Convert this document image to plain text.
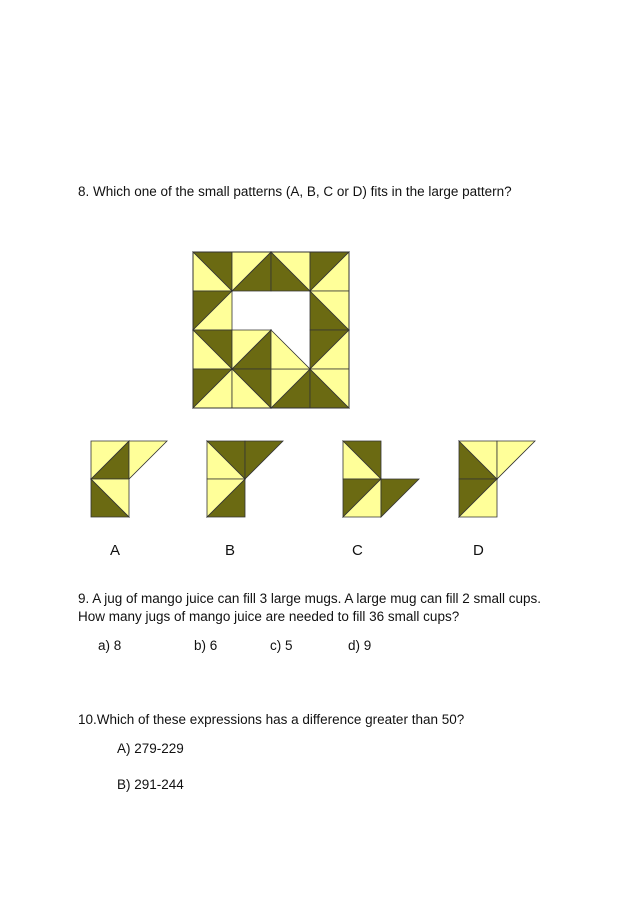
8. Which one of the small patterns (A, B, C or D) fits in the large pattern?
A	B	C	D
9. A jug of mango juice can fill 3 large mugs. A large mug can fill 2 small cups.
How many jugs of mango juice are needed to fill 36 small cups?
a) 8	b) 6	c) 5	d) 9
10.Which of these expressions has a difference greater than 50?
A) 279-229
B) 291-244
